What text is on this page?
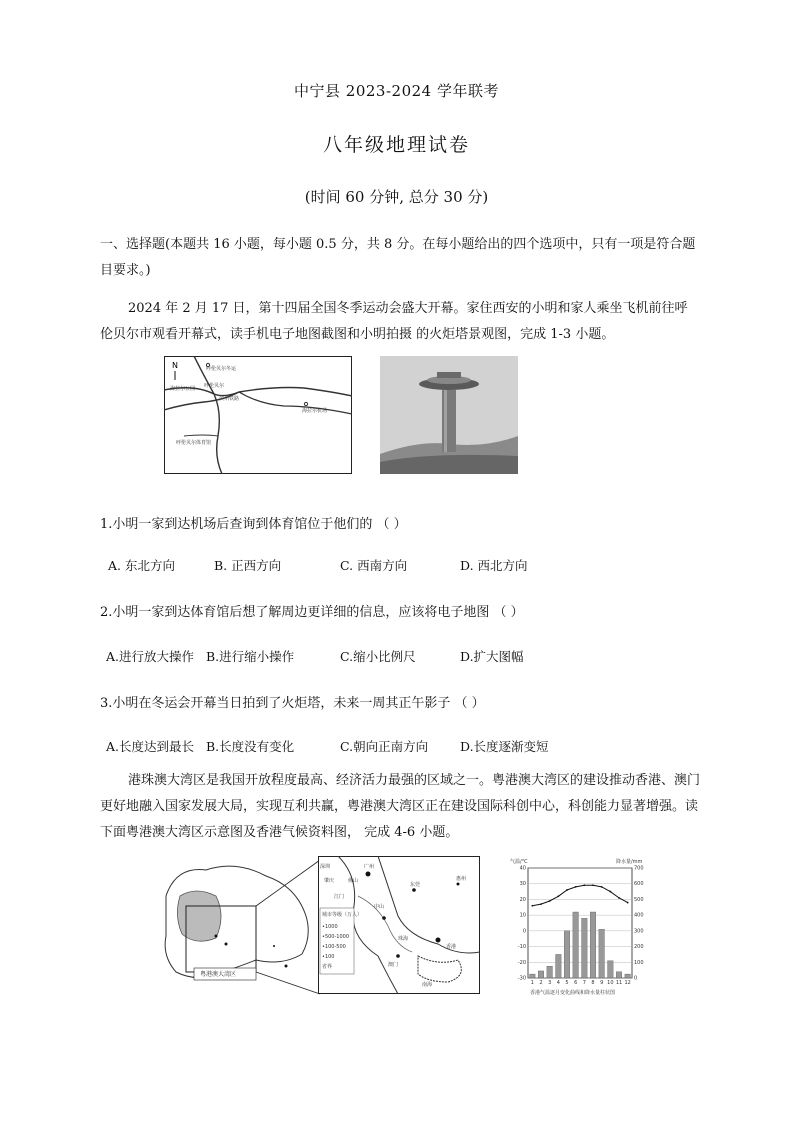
中宁县 2023-2024 学年联考
八年级地理试卷
(时间 60 分钟, 总分 30 分)
一、选择题(本题共 16 小题，每小题 0.5 分，共 8 分。在每小题给出的四个选项中，只有一项是符合题目要求。)
2024 年 2 月 17 日，第十四届全国冬季运动会盛大开幕。家住西安的小明和家人乘坐飞机前往呼伦贝尔市观看开幕式，读手机电子地图截图和小明拍摄 的火炬塔景观图，完成 1-3 小题。
N
海拉尔公园
呼伦贝尔冬运
呼伦贝尔
海拉尔机场
滨州铁路
呼伦贝尔体育馆
1.小明一家到达机场后查询到体育馆位于他们的 （ ）
A. 东北方向	B. 正西方向	C. 西南方向	D. 西北方向
2.小明一家到达体育馆后想了解周边更详细的信息，应该将电子地图 （ ）
A.进行放大操作 B.进行缩小操作	C.缩小比例尺	D.扩大图幅
3.小明在冬运会开幕当日拍到了火炬塔，未来一周其正午影子 （ ）
A.长度达到最长 B.长度没有变化	C.朝向正南方向	D.长度逐渐变短
港珠澳大湾区是我国开放程度最高、经济活力最强的区域之一。粤港澳大湾区的建设推动香港、澳门更好地融入国家发展大局，实现互利共赢，粤港澳大湾区正在建设国际科创中心，科创能力显著增强。读下面粤港澳大湾区示意图及香港气候资料图， 完成 4-6 小题。
粤港澳大湾区
城市等级（万人）
•1000
•500-1000
•100-500
•100
省界
深圳	广州
江门
中山
珠海
澳门
香港
南海
惠州
东莞
肇庆	佛山
气温/°C	降水量/mm
40	700
30	600
20	500
10	400
0	300
-10	200
-20	100
-30	0
1 2 3 4 5 6 7 8 9 10 11 12
香港气温逐月变化曲线和降水量柱状图
